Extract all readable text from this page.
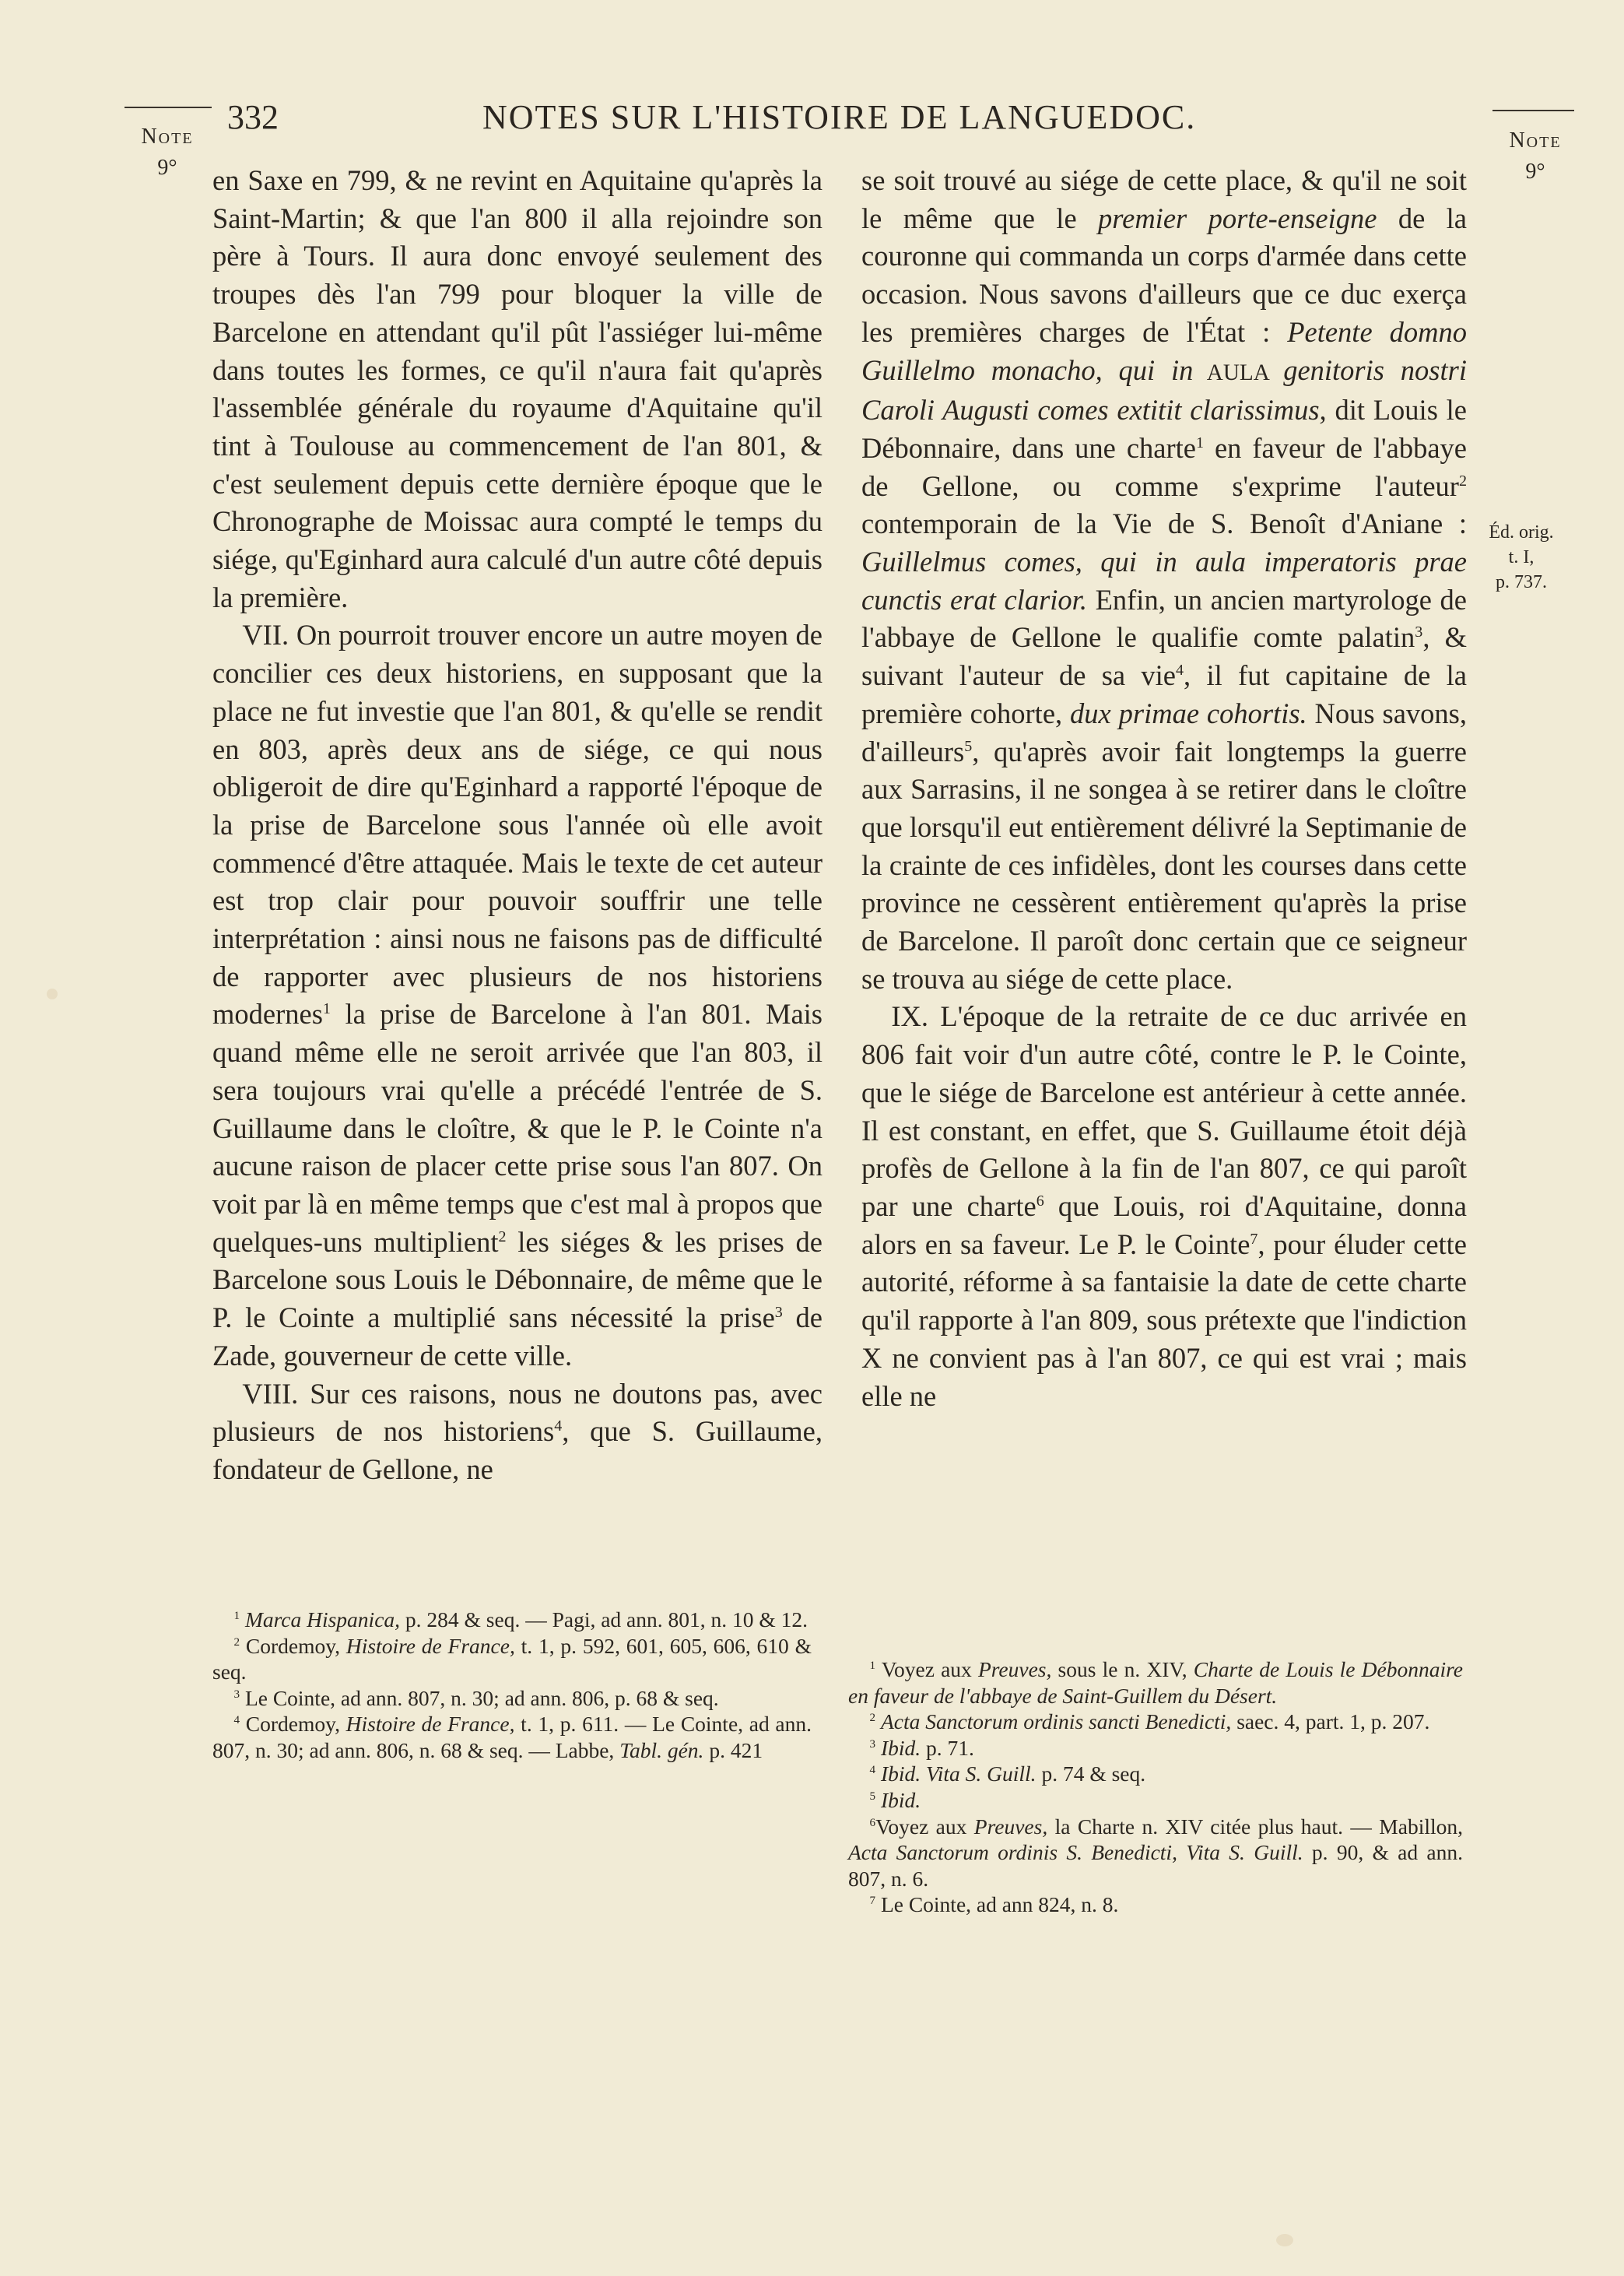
Note
9°
332	NOTES SUR L'HISTOIRE DE LANGUEDOC.
Note
9°
Éd. orig.
t. I,
p. 737.

en Saxe en 799, & ne revint en Aquitaine qu'après la Saint-Martin; & que l'an 800 il alla rejoindre son père à Tours. Il aura donc envoyé seulement des troupes dès l'an 799 pour bloquer la ville de Barcelone en attendant qu'il pût l'assiéger lui-même dans toutes les formes, ce qu'il n'aura fait qu'après l'assemblée générale du royaume d'Aquitaine qu'il tint à Toulouse au commencement de l'an 801, & c'est seulement depuis cette dernière époque que le Chronographe de Moissac aura compté le temps du siége, qu'Eginhard aura calculé d'un autre côté depuis la première.

VII. On pourroit trouver encore un autre moyen de concilier ces deux historiens, en supposant que la place ne fut investie que l'an 801, & qu'elle se rendit en 803, après deux ans de siége, ce qui nous obligeroit de dire qu'Eginhard a rapporté l'époque de la prise de Barcelone sous l'année où elle avoit commencé d'être attaquée. Mais le texte de cet auteur est trop clair pour pouvoir souffrir une telle interprétation : ainsi nous ne faisons pas de difficulté de rapporter avec plusieurs de nos historiens modernes$^1$ la prise de Barcelone à l'an 801. Mais quand même elle ne seroit arrivée que l'an 803, il sera toujours vrai qu'elle a précédé l'entrée de S. Guillaume dans le cloître, & que le P. le Cointe n'a aucune raison de placer cette prise sous l'an 807. On voit par là en même temps que c'est mal à propos que quelques-uns multiplient$^2$ les siéges & les prises de Barcelone sous Louis le Débonnaire, de même que le P. le Cointe a multiplié sans nécessité la prise$^3$ de Zade, gouverneur de cette ville.

VIII. Sur ces raisons, nous ne doutons pas, avec plusieurs de nos historiens$^4$, que S. Guillaume, fondateur de Gellone, ne

se soit trouvé au siége de cette place, & qu'il ne soit le même que le premier porte-enseigne de la couronne qui commanda un corps d'armée dans cette occasion. Nous savons d'ailleurs que ce duc exerça les premières charges de l'État : Petente domno Guillelmo monacho, qui in AULA genitoris nostri Caroli Augusti comes extitit clarissimus, dit Louis le Débonnaire, dans une charte$^1$ en faveur de l'abbaye de Gellone, ou comme s'exprime l'auteur$^2$ contemporain de la Vie de S. Benoît d'Aniane : Guillelmus comes, qui in aula imperatoris prae cunctis erat clarior. Enfin, un ancien martyrologe de l'abbaye de Gellone le qualifie comte palatin$^3$, & suivant l'auteur de sa vie$^4$, il fut capitaine de la première cohorte, dux primae cohortis. Nous savons, d'ailleurs$^5$, qu'après avoir fait longtemps la guerre aux Sarrasins, il ne songea à se retirer dans le cloître que lorsqu'il eut entièrement délivré la Septimanie de la crainte de ces infidèles, dont les courses dans cette province ne cessèrent entièrement qu'après la prise de Barcelone. Il paroît donc certain que ce seigneur se trouva au siége de cette place.

IX. L'époque de la retraite de ce duc arrivée en 806 fait voir d'un autre côté, contre le P. le Cointe, que le siége de Barcelone est antérieur à cette année. Il est constant, en effet, que S. Guillaume étoit déjà profès de Gellone à la fin de l'an 807, ce qui paroît par une charte$^6$ que Louis, roi d'Aquitaine, donna alors en sa faveur. Le P. le Cointe$^7$, pour éluder cette autorité, réforme à sa fantaisie la date de cette charte qu'il rapporte à l'an 809, sous prétexte que l'indiction X ne convient pas à l'an 807, ce qui est vrai ; mais elle ne

$^1$ Marca Hispanica, p. 284 & seq. — Pagi, ad ann. 801, n. 10 & 12.

$^2$ Cordemoy, Histoire de France, t. 1, p. 592, 601, 605, 606, 610 & seq.

$^3$ Le Cointe, ad ann. 807, n. 30; ad ann. 806, p. 68 & seq.

$^4$ Cordemoy, Histoire de France, t. 1, p. 611. — Le Cointe, ad ann. 807, n. 30; ad ann. 806, n. 68 & seq. — Labbe, Tabl. gén. p. 421

$^1$ Voyez aux Preuves, sous le n. XIV, Charte de Louis le Débonnaire en faveur de l'abbaye de Saint-Guillem du Désert.

$^2$ Acta Sanctorum ordinis sancti Benedicti, saec. 4, part. 1, p. 207.

$^3$ Ibid. p. 71.

$^4$ Ibid. Vita S. Guill. p. 74 & seq.

$^5$ Ibid.

$^6$Voyez aux Preuves, la Charte n. XIV citée plus haut. — Mabillon, Acta Sanctorum ordinis S. Benedicti, Vita S. Guill. p. 90, & ad ann. 807, n. 6.

$^7$ Le Cointe, ad ann 824, n. 8.
